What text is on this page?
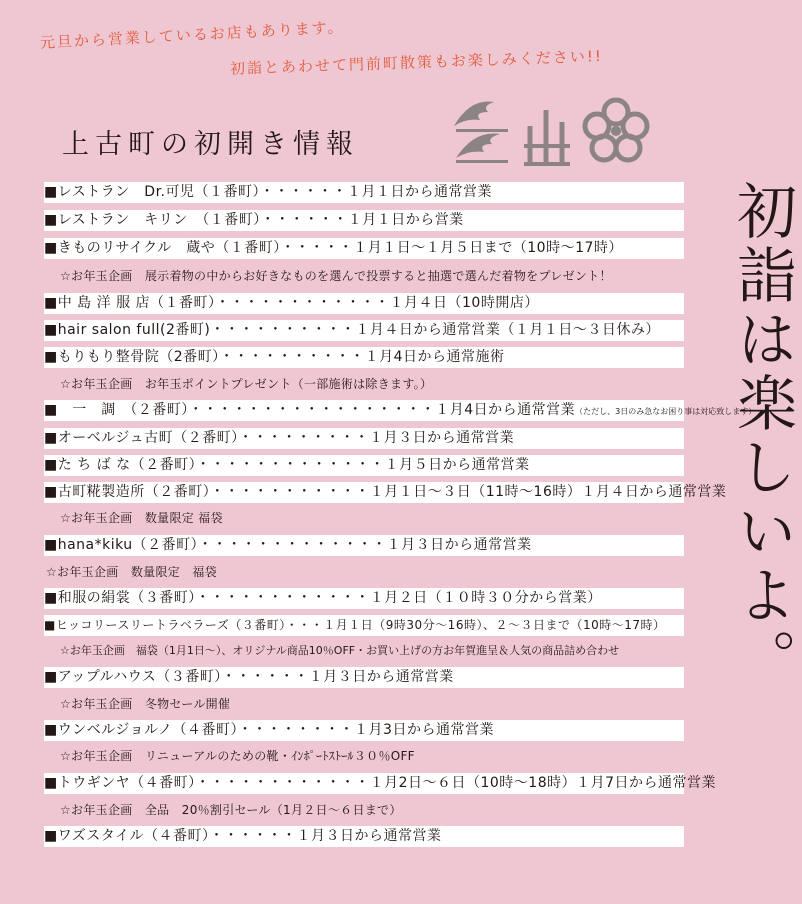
元旦から営業しているお店もあります。
初詣とあわせて門前町散策もお楽しみください!!
上古町の初開き情報
初詣は楽しいよ。
■レストラン　Dr.可児（１番町）・・・・・・１月１日から通常営業
■レストラン　キリン　（１番町）・・・・・・１月１日から営業
■きものリサイクル　蔵や（１番町）・・・・・１月１日〜１月５日まで（10時〜17時）
☆お年玉企画　展示着物の中からお好きなものを選んで投票すると抽選で選んだ着物をプレゼント！
■中 島 洋 服 店（１番町）・・・・・・・・・・・・１月４日（10時開店）
■hair salon full(2番町)・・・・・・・・・・１月４日から通常営業（１月１日〜３日休み）
■もりもり整骨院（2番町）・・・・・・・・・・１月4日から通常施術
☆お年玉企画　お年玉ポイントプレゼント（一部施術は除きます。）
■　一　調　（２番町）・・・・・・・・・・・・・・・・・１月4日から通常営業（ただし、3日のみ急なお困り事は対応致します）
■オーベルジュ古町（２番町）・・・・・・・・・１月３日から通常営業
■た ち ば な（２番町）・・・・・・・・・・・・・１月５日から通常営業
■古町糀製造所（２番町）・・・・・・・・・・・１月１日〜３日（11時〜16時）１月４日から通常営業
☆お年玉企画　数量限定 福袋
■hana*kiku（２番町）・・・・・・・・・・・・・１月３日から通常営業
☆お年玉企画　数量限定　福袋
■和服の絹裳（３番町）・・・・・・・・・・・・１月２日（１０時３０分から営業）
■ヒッコリースリートラベラーズ（３番町）・・・１月１日（9時30分〜16時）、２〜３日まで（10時〜17時）
☆お年玉企画　福袋（1月1日〜）、オリジナル商品10％OFF・お買い上げの方お年賀進呈＆人気の商品詰め合わせ
■アップルハウス（３番町）・・・・・・１月３日から通常営業
☆お年玉企画　冬物セール開催
■ウンベルジョルノ（４番町）・・・・・・・・１月3日から通常営業
☆お年玉企画　リニューアルのための靴・ｲﾝﾎﾟｰﾄｽﾄｰﾙ３０％OFF
■トウギンヤ（４番町）・・・・・・・・・・・・１月2日〜６日（10時〜18時）１月7日から通常営業
☆お年玉企画　全品　20％割引セール（1月２日〜６日まで）
■ワズスタイル（４番町）・・・・・・１月３日から通常営業
